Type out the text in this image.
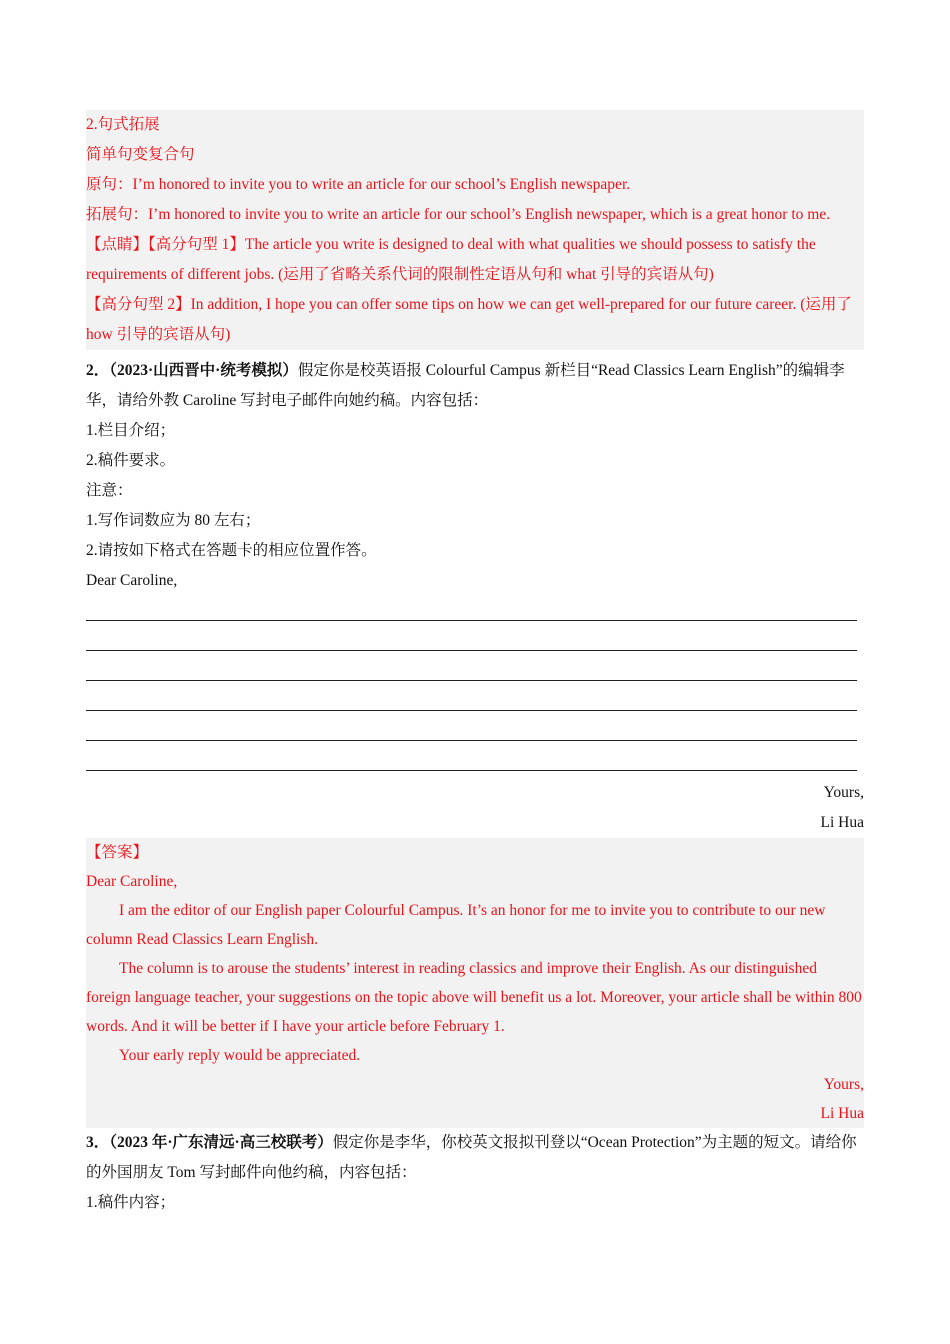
2.句式拓展
简单句变复合句
原句：I’m honored to invite you to write an article for our school’s English newspaper.
拓展句：I’m honored to invite you to write an article for our school’s English newspaper, which is a great honor to me.
【点睛】【高分句型 1】The article you write is designed to deal with what qualities we should possess to satisfy the requirements of different jobs. (运用了省略关系代词的限制性定语从句和 what 引导的宾语从句)
【高分句型 2】In addition, I hope you can offer some tips on how we can get well-prepared for our future career. (运用了 how 引导的宾语从句)
2．（2023·山西晋中·统考模拟）假定你是校英语报 Colourful Campus 新栏目“Read Classics Learn English”的编辑李华，请给外教 Caroline 写封电子邮件向她约稿。内容包括：
1.栏目介绍；
2.稿件要求。
注意：
1.写作词数应为 80 左右；
2.请按如下格式在答题卡的相应位置作答。
Dear Caroline,
Yours,
Li Hua
【答案】
Dear Caroline,
I am the editor of our English paper Colourful Campus. It’s an honor for me to invite you to contribute to our new column Read Classics Learn English.
The column is to arouse the students’ interest in reading classics and improve their English. As our distinguished foreign language teacher, your suggestions on the topic above will benefit us a lot. Moreover, your article shall be within 800 words. And it will be better if I have your article before February 1.
Your early reply would be appreciated.
Yours,
Li Hua
3．（2023 年·广东清远·高三校联考）假定你是李华，你校英文报拟刊登以“Ocean Protection”为主题的短文。请给你的外国朋友 Tom 写封邮件向他约稿，内容包括：
1.稿件内容；
